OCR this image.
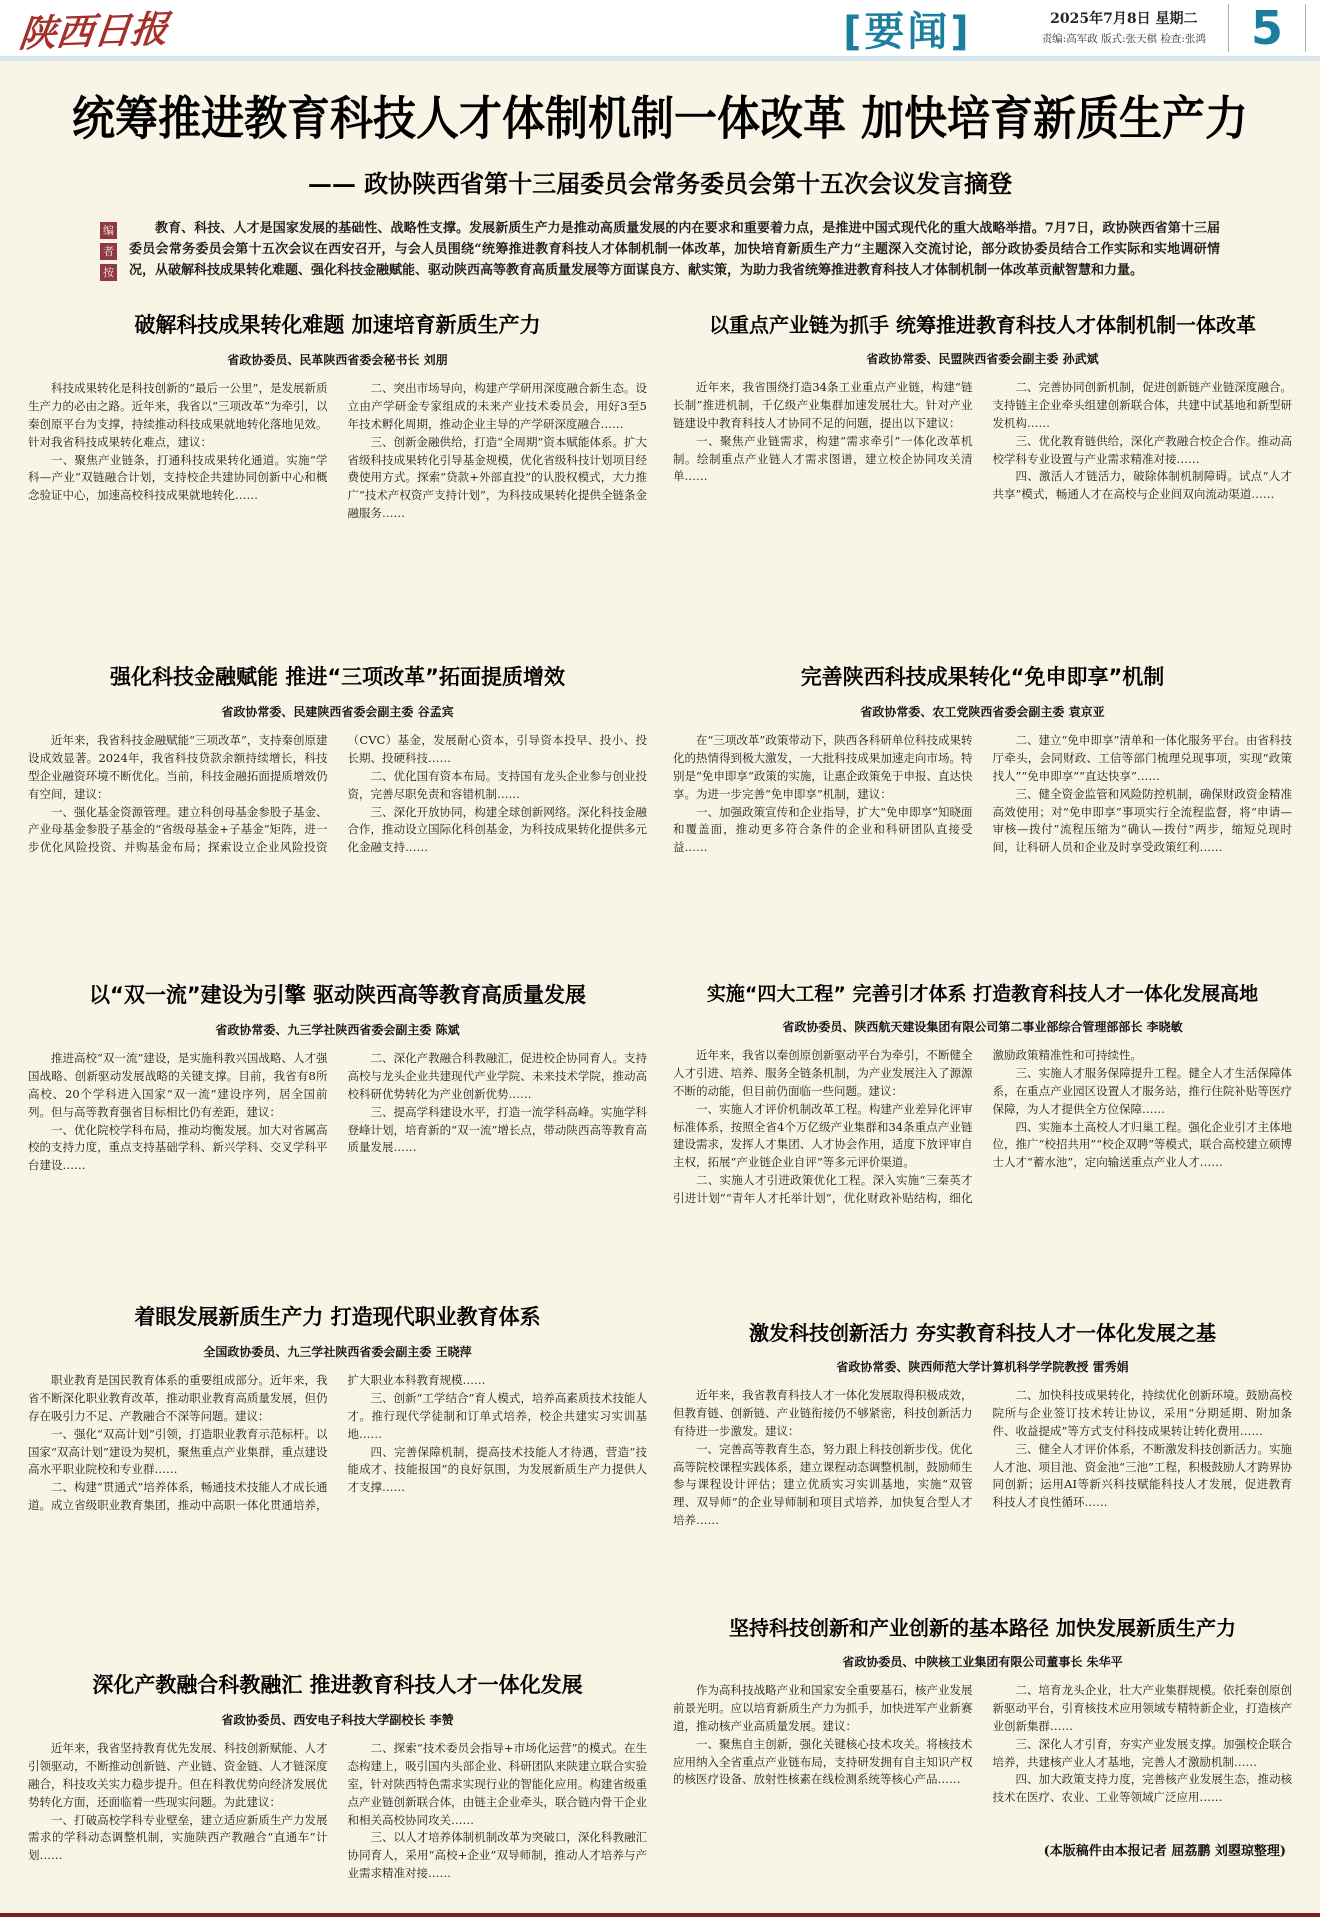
陕西日报	[要闻]	2025年7月8日 星期二
责编:高军政 版式:张天棋 检查:张鸿 5
统筹推进教育科技人才体制机制一体改革 加快培育新质生产力
—— 政协陕西省第十三届委员会常务委员会第十五次会议发言摘登
编
者
按

教育、科技、人才是国家发展的基础性、战略性支撑。发展新质生产力是推动高质量发展的内在要求和重要着力点，是推进中国式现代化的重大战略举措。7月7日，政协陕西省第十三届委员会常务委员会第十五次会议在西安召开，与会人员围绕“统筹推进教育科技人才体制机制一体改革，加快培育新质生产力”主题深入交流讨论，部分政协委员结合工作实际和实地调研情况，从破解科技成果转化难题、强化科技金融赋能、驱动陕西高等教育高质量发展等方面谋良方、献实策，为助力我省统筹推进教育科技人才体制机制一体改革贡献智慧和力量。

破解科技成果转化难题 加速培育新质生产力
省政协委员、民革陕西省委会秘书长 刘朋

科技成果转化是科技创新的“最后一公里”，是发展新质生产力的必由之路。近年来，我省以“三项改革”为牵引，以秦创原平台为支撑，持续推动科技成果就地转化落地见效。针对我省科技成果转化难点，建议：

一、聚焦产业链条，打通科技成果转化通道。实施“学科—产业”双链融合计划，支持校企共建协同创新中心和概念验证中心，加速高校科技成果就地转化……

二、突出市场导向，构建产学研用深度融合新生态。设立由产学研金专家组成的未来产业技术委员会，用好3至5年技术孵化周期，推动企业主导的产学研深度融合……

三、创新金融供给，打造“全周期”资本赋能体系。扩大省级科技成果转化引导基金规模，优化省级科技计划项目经费使用方式。探索“贷款+外部直投”的认股权模式，大力推广“技术产权资产支持计划”，为科技成果转化提供全链条金融服务……

强化科技金融赋能 推进“三项改革”拓面提质增效
省政协常委、民建陕西省委会副主委 谷孟宾

近年来，我省科技金融赋能“三项改革”，支持秦创原建设成效显著。2024年，我省科技贷款余额持续增长，科技型企业融资环境不断优化。当前，科技金融拓面提质增效仍有空间，建议：

一、强化基金资源管理。建立科创母基金参股子基金、产业母基金参股子基金的“省级母基金+子基金”矩阵，进一步优化风险投资、并购基金布局；探索设立企业风险投资（CVC）基金，发展耐心资本，引导资本投早、投小、投长期、投硬科技……

二、优化国有资本布局。支持国有龙头企业参与创业投资，完善尽职免责和容错机制……

三、深化开放协同，构建全球创新网络。深化科技金融合作，推动设立国际化科创基金，为科技成果转化提供多元化金融支持……

以“双一流”建设为引擎 驱动陕西高等教育高质量发展
省政协常委、九三学社陕西省委会副主委 陈斌

推进高校“双一流”建设，是实施科教兴国战略、人才强国战略、创新驱动发展战略的关键支撑。目前，我省有8所高校、20个学科进入国家“双一流”建设序列，居全国前列。但与高等教育强省目标相比仍有差距，建议：

一、优化院校学科布局，推动均衡发展。加大对省属高校的支持力度，重点支持基础学科、新兴学科、交叉学科平台建设……

二、深化产教融合科教融汇，促进校企协同育人。支持高校与龙头企业共建现代产业学院、未来技术学院，推动高校科研优势转化为产业创新优势……

三、提高学科建设水平，打造一流学科高峰。实施学科登峰计划，培育新的“双一流”增长点，带动陕西高等教育高质量发展……

着眼发展新质生产力 打造现代职业教育体系
全国政协委员、九三学社陕西省委会副主委 王晓萍

职业教育是国民教育体系的重要组成部分。近年来，我省不断深化职业教育改革，推动职业教育高质量发展，但仍存在吸引力不足、产教融合不深等问题。建议：

一、强化“双高计划”引领，打造职业教育示范标杆。以国家“双高计划”建设为契机，聚焦重点产业集群，重点建设高水平职业院校和专业群……

二、构建“贯通式”培养体系，畅通技术技能人才成长通道。成立省级职业教育集团，推动中高职一体化贯通培养，扩大职业本科教育规模……

三、创新“工学结合”育人模式，培养高素质技术技能人才。推行现代学徒制和订单式培养，校企共建实习实训基地……

四、完善保障机制，提高技术技能人才待遇，营造“技能成才、技能报国”的良好氛围，为发展新质生产力提供人才支撑……

深化产教融合科教融汇 推进教育科技人才一体化发展
省政协委员、西安电子科技大学副校长 李赞

近年来，我省坚持教育优先发展、科技创新赋能、人才引领驱动，不断推动创新链、产业链、资金链、人才链深度融合，科技攻关实力稳步提升。但在科教优势向经济发展优势转化方面，还面临着一些现实问题。为此建议：

一、打破高校学科专业壁垒，建立适应新质生产力发展需求的学科动态调整机制，实施陕西产教融合“直通车”计划……

二、探索“技术委员会指导+市场化运营”的模式。在生态构建上，吸引国内头部企业、科研团队来陕建立联合实验室，针对陕西特色需求实现行业的智能化应用。构建省级重点产业链创新联合体，由链主企业牵头，联合链内骨干企业和相关高校协同攻关……

三、以人才培养体制机制改革为突破口，深化科教融汇协同育人，采用“高校+企业”双导师制，推动人才培养与产业需求精准对接……

以重点产业链为抓手 统筹推进教育科技人才体制机制一体改革
省政协常委、民盟陕西省委会副主委 孙武斌

近年来，我省围绕打造34条工业重点产业链，构建“链长制”推进机制，千亿级产业集群加速发展壮大。针对产业链建设中教育科技人才协同不足的问题，提出以下建议：

一、聚焦产业链需求，构建“需求牵引”一体化改革机制。绘制重点产业链人才需求图谱，建立校企协同攻关清单……

二、完善协同创新机制，促进创新链产业链深度融合。支持链主企业牵头组建创新联合体，共建中试基地和新型研发机构……

三、优化教育链供给，深化产教融合校企合作。推动高校学科专业设置与产业需求精准对接……

四、激活人才链活力，破除体制机制障碍。试点“人才共享”模式，畅通人才在高校与企业间双向流动渠道……

完善陕西科技成果转化“免申即享”机制
省政协常委、农工党陕西省委会副主委 袁京亚

在“三项改革”政策带动下，陕西各科研单位科技成果转化的热情得到极大激发，一大批科技成果加速走向市场。特别是“免申即享”政策的实施，让惠企政策免于申报、直达快享。为进一步完善“免申即享”机制，建议：

一、加强政策宣传和企业指导，扩大“免申即享”知晓面和覆盖面，推动更多符合条件的企业和科研团队直接受益……

二、建立“免申即享”清单和一体化服务平台。由省科技厅牵头，会同财政、工信等部门梳理兑现事项，实现“政策找人”“免申即享”“直达快享”……

三、健全资金监管和风险防控机制，确保财政资金精准高效使用；对“免申即享”事项实行全流程监督，将“申请—审核—拨付”流程压缩为“确认—拨付”两步，缩短兑现时间，让科研人员和企业及时享受政策红利……

实施“四大工程” 完善引才体系 打造教育科技人才一体化发展高地
省政协委员、陕西航天建设集团有限公司第二事业部综合管理部部长 李晓敏

近年来，我省以秦创原创新驱动平台为牵引，不断健全人才引进、培养、服务全链条机制，为产业发展注入了源源不断的动能，但目前仍面临一些问题。建议：

一、实施人才评价机制改革工程。构建产业差异化评审标准体系，按照全省4个万亿级产业集群和34条重点产业链建设需求，发挥人才集团、人才协会作用，适度下放评审自主权，拓展“产业链企业自评”等多元评价渠道。

二、实施人才引进政策优化工程。深入实施“三秦英才引进计划”“青年人才托举计划”，优化财政补贴结构，细化激励政策精准性和可持续性。

三、实施人才服务保障提升工程。健全人才生活保障体系，在重点产业园区设置人才服务站，推行住院补贴等医疗保障，为人才提供全方位保障……

四、实施本土高校人才归巢工程。强化企业引才主体地位，推广“校招共用”“校企双聘”等模式，联合高校建立硕博士人才“蓄水池”，定向输送重点产业人才……

激发科技创新活力 夯实教育科技人才一体化发展之基
省政协常委、陕西师范大学计算机科学学院教授 雷秀娟

近年来，我省教育科技人才一体化发展取得积极成效，但教育链、创新链、产业链衔接仍不够紧密，科技创新活力有待进一步激发。建议：

一、完善高等教育生态，努力跟上科技创新步伐。优化高等院校课程实践体系，建立课程动态调整机制，鼓励师生参与课程设计评估；建立优质实习实训基地，实施“双管理、双导师”的企业导师制和项目式培养，加快复合型人才培养……

二、加快科技成果转化，持续优化创新环境。鼓励高校院所与企业签订技术转让协议，采用“分期延期、附加条件、收益提成”等方式支付科技成果转让转化费用……

三、健全人才评价体系，不断激发科技创新活力。实施人才池、项目池、资金池“三池”工程，积极鼓励人才跨界协同创新；运用AI等新兴科技赋能科技人才发展，促进教育科技人才良性循环……

坚持科技创新和产业创新的基本路径 加快发展新质生产力
省政协委员、中陕核工业集团有限公司董事长 朱华平

作为高科技战略产业和国家安全重要基石，核产业发展前景光明。应以培育新质生产力为抓手，加快进军产业新赛道，推动核产业高质量发展。建议：

一、聚焦自主创新，强化关键核心技术攻关。将核技术应用纳入全省重点产业链布局，支持研发拥有自主知识产权的核医疗设备、放射性核素在线检测系统等核心产品……

二、培育龙头企业，壮大产业集群规模。依托秦创原创新驱动平台，引育核技术应用领域专精特新企业，打造核产业创新集群……

三、深化人才引育，夯实产业发展支撑。加强校企联合培养，共建核产业人才基地，完善人才激励机制……

四、加大政策支持力度，完善核产业发展生态，推动核技术在医疗、农业、工业等领域广泛应用……

(本版稿件由本报记者 屈荔鹏 刘曌琼整理)
